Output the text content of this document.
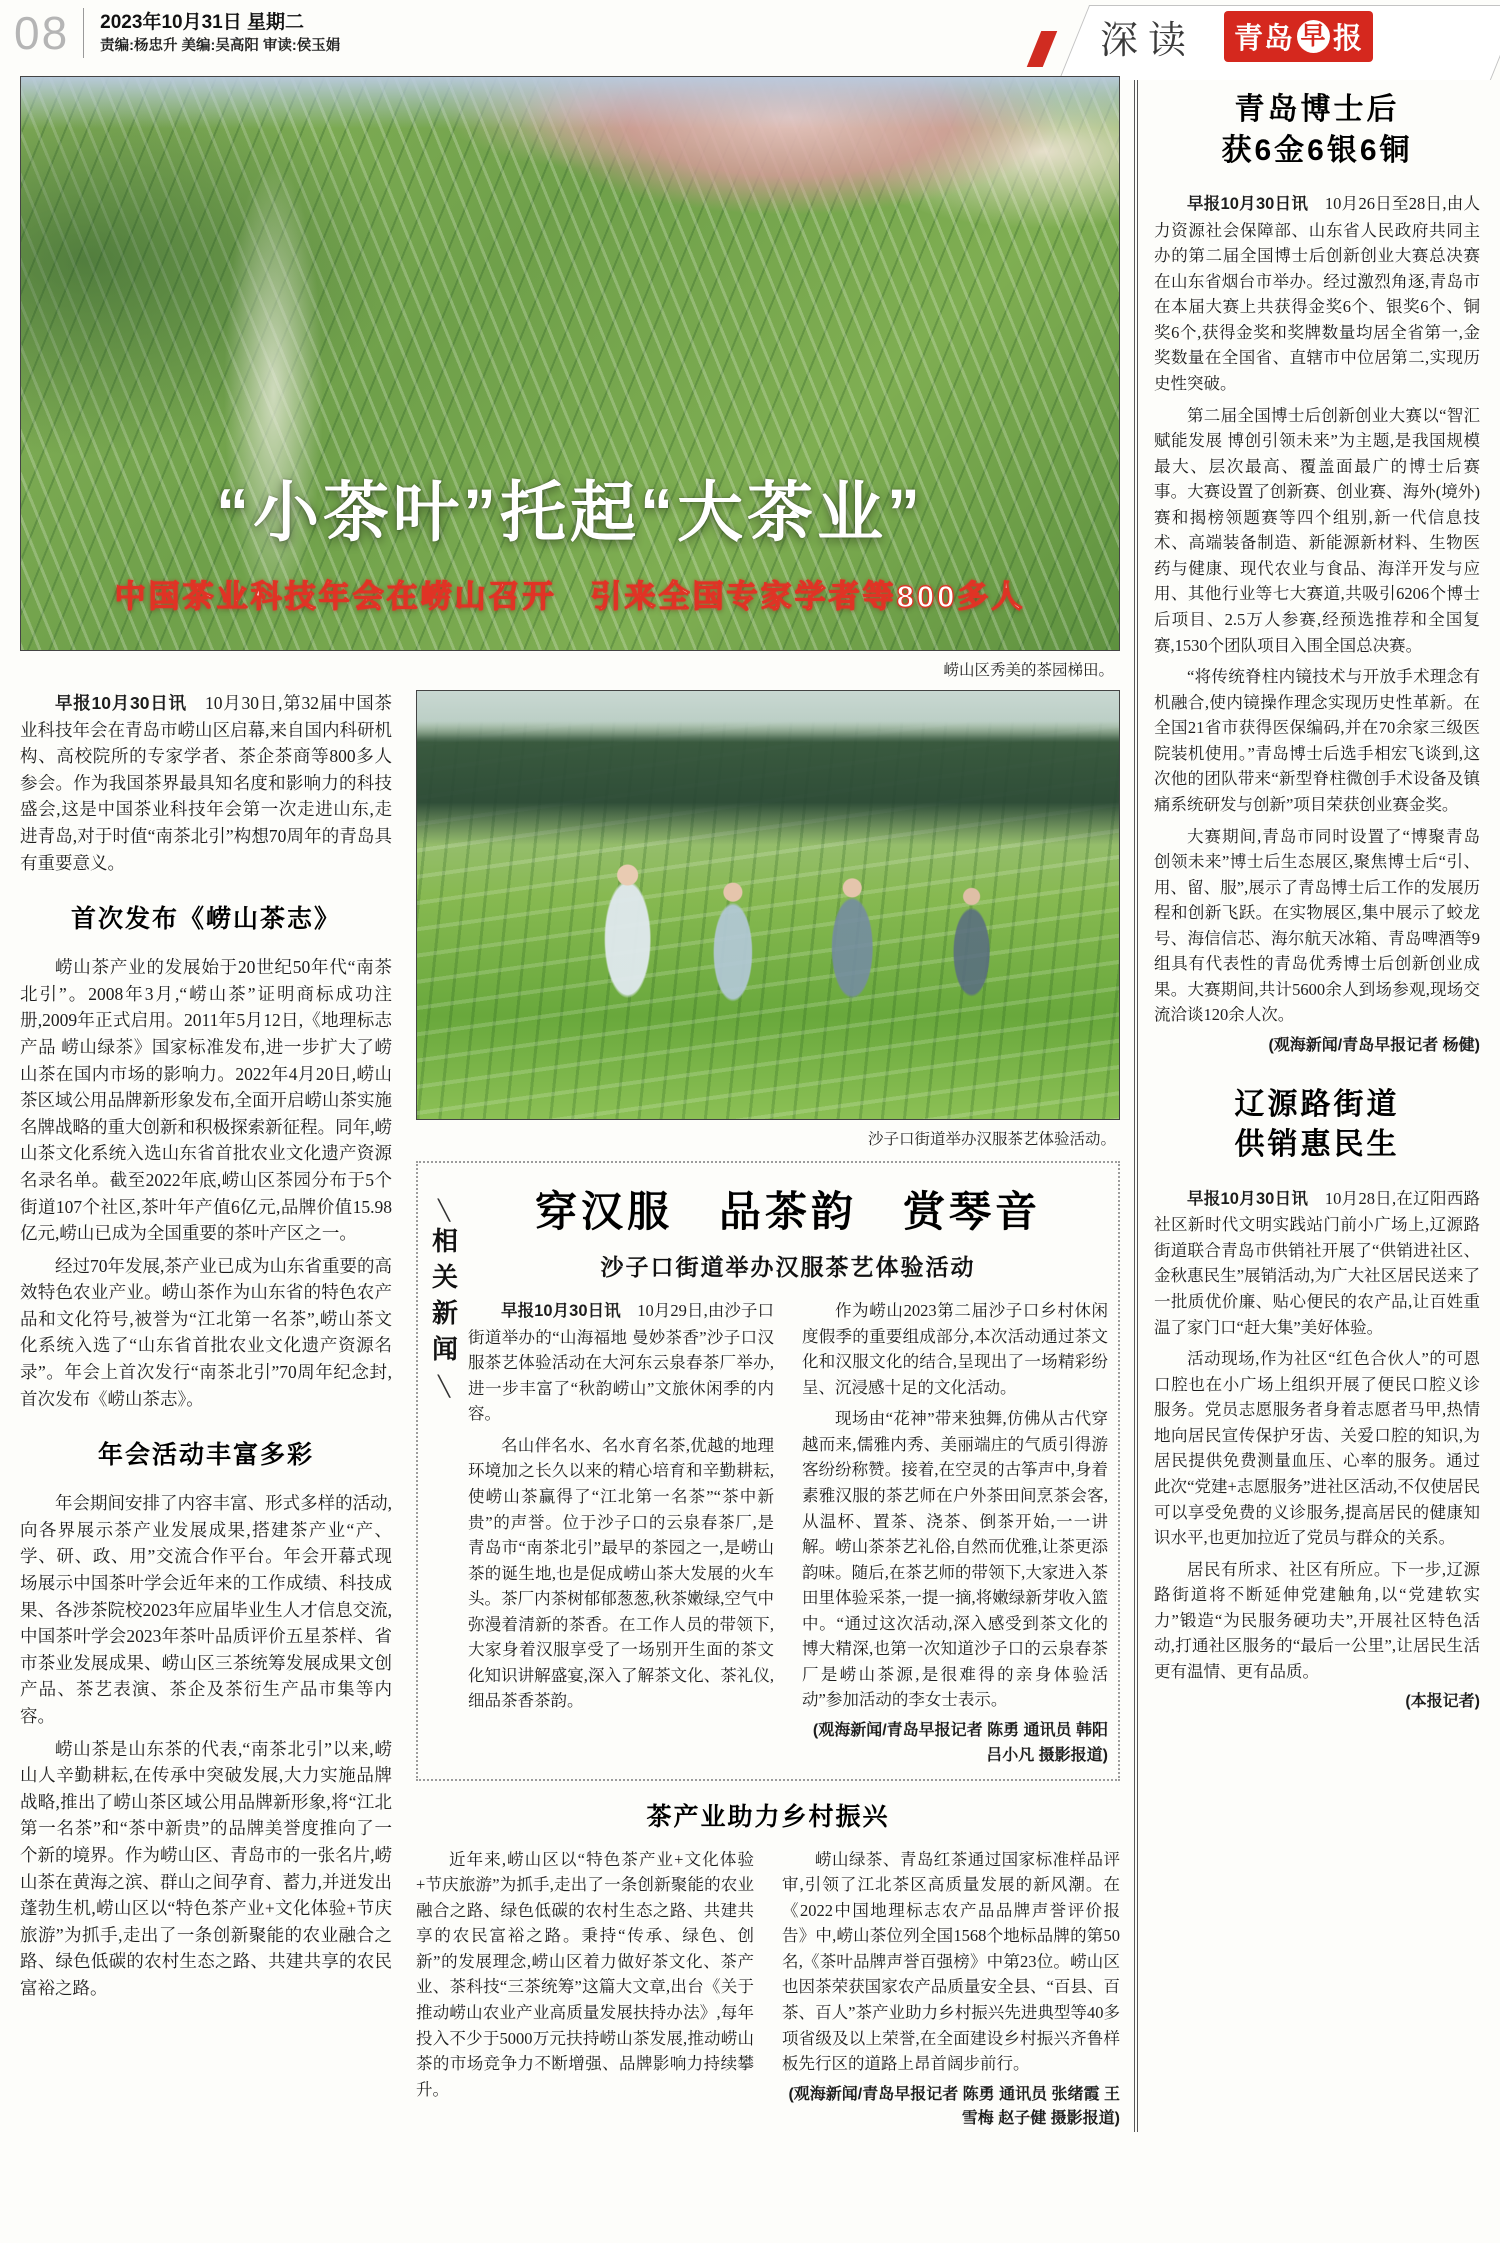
08 2023年10月31日 星期二
责编:杨忠升 美编:吴高阳 审读:侯玉娟	深读 青岛 早 报
“小茶叶”托起“大茶业”
中国茶业科技年会在崂山召开　引来全国专家学者等800多人
崂山区秀美的茶园梯田。

早报10月30日讯　10月30日,第32届中国茶业科技年会在青岛市崂山区启幕,来自国内科研机构、高校院所的专家学者、茶企茶商等800多人参会。作为我国茶界最具知名度和影响力的科技盛会,这是中国茶业科技年会第一次走进山东,走进青岛,对于时值“南茶北引”构想70周年的青岛具有重要意义。

首次发布《崂山茶志》

崂山茶产业的发展始于20世纪50年代“南茶北引”。2008年3月,“崂山茶”证明商标成功注册,2009年正式启用。2011年5月12日,《地理标志产品 崂山绿茶》国家标准发布,进一步扩大了崂山茶在国内市场的影响力。2022年4月20日,崂山茶区域公用品牌新形象发布,全面开启崂山茶实施名牌战略的重大创新和积极探索新征程。同年,崂山茶文化系统入选山东省首批农业文化遗产资源名录名单。截至2022年底,崂山区茶园分布于5个街道107个社区,茶叶年产值6亿元,品牌价值15.98亿元,崂山已成为全国重要的茶叶产区之一。

经过70年发展,茶产业已成为山东省重要的高效特色农业产业。崂山茶作为山东省的特色农产品和文化符号,被誉为“江北第一名茶”,崂山茶文化系统入选了“山东省首批农业文化遗产资源名录”。年会上首次发行“南茶北引”70周年纪念封,首次发布《崂山茶志》。

年会活动丰富多彩

年会期间安排了内容丰富、形式多样的活动,向各界展示茶产业发展成果,搭建茶产业“产、学、研、政、用”交流合作平台。年会开幕式现场展示中国茶叶学会近年来的工作成绩、科技成果、各涉茶院校2023年应届毕业生人才信息交流,中国茶叶学会2023年茶叶品质评价五星茶样、省市茶业发展成果、崂山区三茶统筹发展成果文创产品、茶艺表演、茶企及茶衍生产品市集等内容。

崂山茶是山东茶的代表,“南茶北引”以来,崂山人辛勤耕耘,在传承中突破发展,大力实施品牌战略,推出了崂山茶区域公用品牌新形象,将“江北第一名茶”和“茶中新贵”的品牌美誉度推向了一个新的境界。作为崂山区、青岛市的一张名片,崂山茶在黄海之滨、群山之间孕育、蓄力,并迸发出蓬勃生机,崂山区以“特色茶产业+文化体验+节庆旅游”为抓手,走出了一条创新聚能的农业融合之路、绿色低碳的农村生态之路、共建共享的农民富裕之路。

沙子口街道举办汉服茶艺体验活动。
╲
相关新闻
╲
穿汉服　品茶韵　赏琴音
沙子口街道举办汉服茶艺体验活动

早报10月30日讯　10月29日,由沙子口街道举办的“山海福地 曼妙茶香”沙子口汉服茶艺体验活动在大河东云泉春茶厂举办,进一步丰富了“秋韵崂山”文旅休闲季的内容。

名山伴名水、名水育名茶,优越的地理环境加之长久以来的精心培育和辛勤耕耘,使崂山茶赢得了“江北第一名茶”“茶中新贵”的声誉。位于沙子口的云泉春茶厂,是青岛市“南茶北引”最早的茶园之一,是崂山茶的诞生地,也是促成崂山茶大发展的火车头。茶厂内茶树郁郁葱葱,秋茶嫩绿,空气中弥漫着清新的茶香。在工作人员的带领下,大家身着汉服享受了一场别开生面的茶文化知识讲解盛宴,深入了解茶文化、茶礼仪,细品茶香茶韵。

作为崂山2023第二届沙子口乡村休闲度假季的重要组成部分,本次活动通过茶文化和汉服文化的结合,呈现出了一场精彩纷呈、沉浸感十足的文化活动。

现场由“花神”带来独舞,仿佛从古代穿越而来,儒雅内秀、美丽端庄的气质引得游客纷纷称赞。接着,在空灵的古筝声中,身着素雅汉服的茶艺师在户外茶田间烹茶会客,从温杯、置茶、浇茶、倒茶开始,一一讲解。崂山茶茶艺礼俗,自然而优雅,让茶更添韵味。随后,在茶艺师的带领下,大家进入茶田里体验采茶,一提一摘,将嫩绿新芽收入篮中。“通过这次活动,深入感受到茶文化的博大精深,也第一次知道沙子口的云泉春茶厂是崂山茶源,是很难得的亲身体验活动”参加活动的李女士表示。

(观海新闻/青岛早报记者 陈勇 通讯员 韩阳 吕小凡 摄影报道)

茶产业助力乡村振兴

近年来,崂山区以“特色茶产业+文化体验+节庆旅游”为抓手,走出了一条创新聚能的农业融合之路、绿色低碳的农村生态之路、共建共享的农民富裕之路。秉持“传承、绿色、创新”的发展理念,崂山区着力做好茶文化、茶产业、茶科技“三茶统筹”这篇大文章,出台《关于推动崂山农业产业高质量发展扶持办法》,每年投入不少于5000万元扶持崂山茶发展,推动崂山茶的市场竞争力不断增强、品牌影响力持续攀升。

崂山绿茶、青岛红茶通过国家标准样品评审,引领了江北茶区高质量发展的新风潮。在《2022中国地理标志农产品品牌声誉评价报告》中,崂山茶位列全国1568个地标品牌的第50名,《茶叶品牌声誉百强榜》中第23位。崂山区也因茶荣获国家农产品质量安全县、“百县、百茶、百人”茶产业助力乡村振兴先进典型等40多项省级及以上荣誉,在全面建设乡村振兴齐鲁样板先行区的道路上昂首阔步前行。

(观海新闻/青岛早报记者 陈勇 通讯员 张绪霞 王雪梅 赵子健 摄影报道)

青岛博士后
获6金6银6铜

早报10月30日讯　10月26日至28日,由人力资源社会保障部、山东省人民政府共同主办的第二届全国博士后创新创业大赛总决赛在山东省烟台市举办。经过激烈角逐,青岛市在本届大赛上共获得金奖6个、银奖6个、铜奖6个,获得金奖和奖牌数量均居全省第一,金奖数量在全国省、直辖市中位居第二,实现历史性突破。

第二届全国博士后创新创业大赛以“智汇赋能发展 博创引领未来”为主题,是我国规模最大、层次最高、覆盖面最广的博士后赛事。大赛设置了创新赛、创业赛、海外(境外)赛和揭榜领题赛等四个组别,新一代信息技术、高端装备制造、新能源新材料、生物医药与健康、现代农业与食品、海洋开发与应用、其他行业等七大赛道,共吸引6206个博士后项目、2.5万人参赛,经预选推荐和全国复赛,1530个团队项目入围全国总决赛。

“将传统脊柱内镜技术与开放手术理念有机融合,使内镜操作理念实现历史性革新。在全国21省市获得医保编码,并在70余家三级医院装机使用。”青岛博士后选手相宏飞谈到,这次他的团队带来“新型脊柱微创手术设备及镇痛系统研发与创新”项目荣获创业赛金奖。

大赛期间,青岛市同时设置了“博聚青岛 创领未来”博士后生态展区,聚焦博士后“引、用、留、服”,展示了青岛博士后工作的发展历程和创新飞跃。在实物展区,集中展示了蛟龙号、海信信芯、海尔航天冰箱、青岛啤酒等9组具有代表性的青岛优秀博士后创新创业成果。大赛期间,共计5600余人到场参观,现场交流洽谈120余人次。

(观海新闻/青岛早报记者 杨健)

辽源路街道
供销惠民生

早报10月30日讯　10月28日,在辽阳西路社区新时代文明实践站门前小广场上,辽源路街道联合青岛市供销社开展了“供销进社区、金秋惠民生”展销活动,为广大社区居民送来了一批质优价廉、贴心便民的农产品,让百姓重温了家门口“赶大集”美好体验。

活动现场,作为社区“红色合伙人”的可恩口腔也在小广场上组织开展了便民口腔义诊服务。党员志愿服务者身着志愿者马甲,热情地向居民宣传保护牙齿、关爱口腔的知识,为居民提供免费测量血压、心率的服务。通过此次“党建+志愿服务”进社区活动,不仅使居民可以享受免费的义诊服务,提高居民的健康知识水平,也更加拉近了党员与群众的关系。

居民有所求、社区有所应。下一步,辽源路街道将不断延伸党建触角,以“党建软实力”锻造“为民服务硬功夫”,开展社区特色活动,打通社区服务的“最后一公里”,让居民生活更有温情、更有品质。

(本报记者)
